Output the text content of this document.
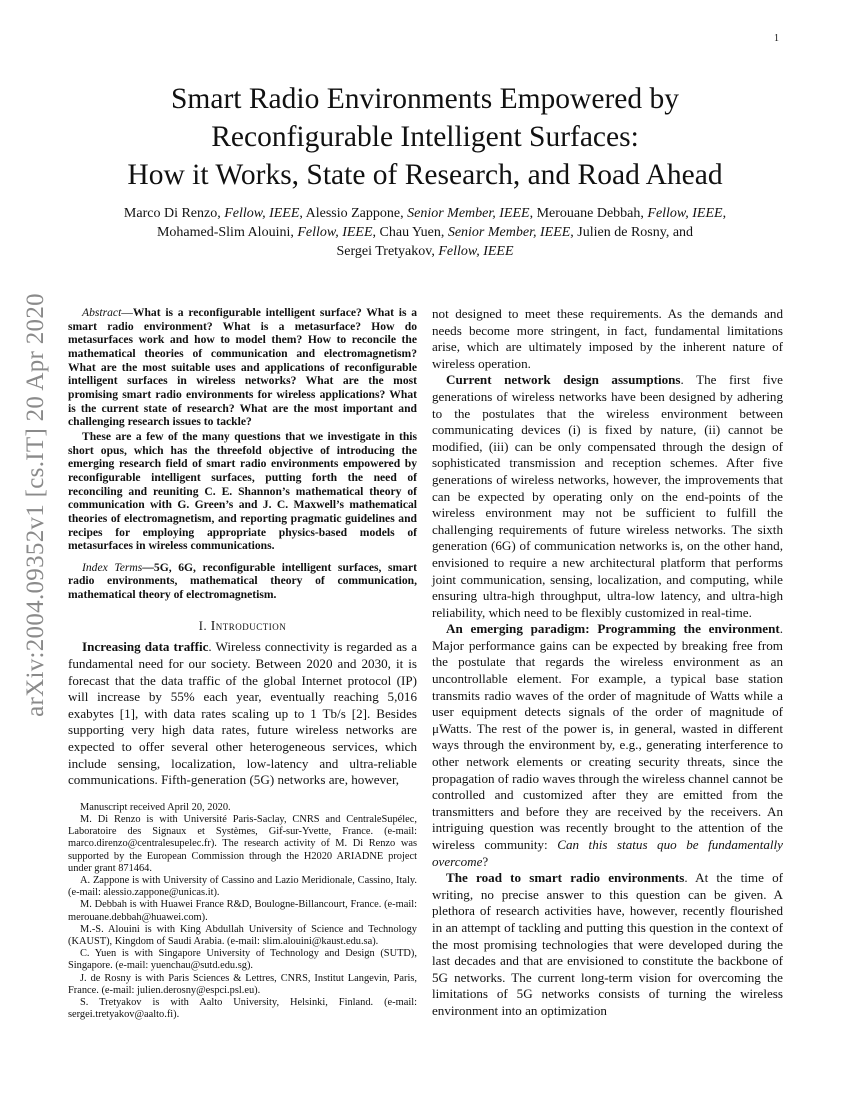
1
arXiv:2004.09352v1 [cs.IT] 20 Apr 2020
Smart Radio Environments Empowered by
Reconfigurable Intelligent Surfaces:
How it Works, State of Research, and Road Ahead
Marco Di Renzo, Fellow, IEEE, Alessio Zappone, Senior Member, IEEE, Merouane Debbah, Fellow, IEEE,
Mohamed-Slim Alouini, Fellow, IEEE, Chau Yuen, Senior Member, IEEE, Julien de Rosny, and
Sergei Tretyakov, Fellow, IEEE

Abstract—What is a reconfigurable intelligent surface? What is a smart radio environment? What is a metasurface? How do metasurfaces work and how to model them? How to reconcile the mathematical theories of communication and electromagnetism? What are the most suitable uses and applications of reconfigurable intelligent surfaces in wireless networks? What are the most promising smart radio environments for wireless applications? What is the current state of research? What are the most important and challenging research issues to tackle?

These are a few of the many questions that we investigate in this short opus, which has the threefold objective of introducing the emerging research field of smart radio environments empowered by reconfigurable intelligent surfaces, putting forth the need of reconciling and reuniting C. E. Shannon’s mathematical theory of communication with G. Green’s and J. C. Maxwell’s mathematical theories of electromagnetism, and reporting pragmatic guidelines and recipes for employing appropriate physics-based models of metasurfaces in wireless communications.

Index Terms—5G, 6G, reconfigurable intelligent surfaces, smart radio environments, mathematical theory of communication, mathematical theory of electromagnetism.

I. Introduction

Increasing data traffic. Wireless connectivity is regarded as a fundamental need for our society. Between 2020 and 2030, it is forecast that the data traffic of the global Internet protocol (IP) will increase by 55% each year, eventually reaching 5,016 exabytes [1], with data rates scaling up to 1 Tb/s [2]. Besides supporting very high data rates, future wireless networks are expected to offer several other heterogeneous services, which include sensing, localization, low-latency and ultra-reliable communications. Fifth-generation (5G) networks are, however,

Manuscript received April 20, 2020.

M. Di Renzo is with Université Paris-Saclay, CNRS and CentraleSupélec, Laboratoire des Signaux et Systèmes, Gif-sur-Yvette, France. (e-mail: marco.direnzo@centralesupelec.fr). The research activity of M. Di Renzo was supported by the European Commission through the H2020 ARIADNE project under grant 871464.

A. Zappone is with University of Cassino and Lazio Meridionale, Cassino, Italy. (e-mail: alessio.zappone@unicas.it).

M. Debbah is with Huawei France R&D, Boulogne-Billancourt, France. (e-mail: merouane.debbah@huawei.com).

M.-S. Alouini is with King Abdullah University of Science and Technology (KAUST), Kingdom of Saudi Arabia. (e-mail: slim.alouini@kaust.edu.sa).

C. Yuen is with Singapore University of Technology and Design (SUTD), Singapore. (e-mail: yuenchau@sutd.edu.sg).

J. de Rosny is with Paris Sciences & Lettres, CNRS, Institut Langevin, Paris, France. (e-mail: julien.derosny@espci.psl.eu).

S. Tretyakov is with Aalto University, Helsinki, Finland. (e-mail: sergei.tretyakov@aalto.fi).

not designed to meet these requirements. As the demands and needs become more stringent, in fact, fundamental limitations arise, which are ultimately imposed by the inherent nature of wireless operation.

Current network design assumptions. The first five generations of wireless networks have been designed by adhering to the postulates that the wireless environment between communicating devices (i) is fixed by nature, (ii) cannot be modified, (iii) can be only compensated through the design of sophisticated transmission and reception schemes. After five generations of wireless networks, however, the improvements that can be expected by operating only on the end-points of the wireless environment may not be sufficient to fulfill the challenging requirements of future wireless networks. The sixth generation (6G) of communication networks is, on the other hand, envisioned to require a new architectural platform that performs joint communication, sensing, localization, and computing, while ensuring ultra-high throughput, ultra-low latency, and ultra-high reliability, which need to be flexibly customized in real-time.

An emerging paradigm: Programming the environment. Major performance gains can be expected by breaking free from the postulate that regards the wireless environment as an uncontrollable element. For example, a typical base station transmits radio waves of the order of magnitude of Watts while a user equipment detects signals of the order of magnitude of μWatts. The rest of the power is, in general, wasted in different ways through the environment by, e.g., generating interference to other network elements or creating security threats, since the propagation of radio waves through the wireless channel cannot be controlled and customized after they are emitted from the transmitters and before they are received by the receivers. An intriguing question was recently brought to the attention of the wireless community: Can this status quo be fundamentally overcome?

The road to smart radio environments. At the time of writing, no precise answer to this question can be given. A plethora of research activities have, however, recently flourished in an attempt of tackling and putting this question in the context of the most promising technologies that were developed during the last decades and that are envisioned to constitute the backbone of 5G networks. The current long-term vision for overcoming the limitations of 5G networks consists of turning the wireless environment into an optimization
